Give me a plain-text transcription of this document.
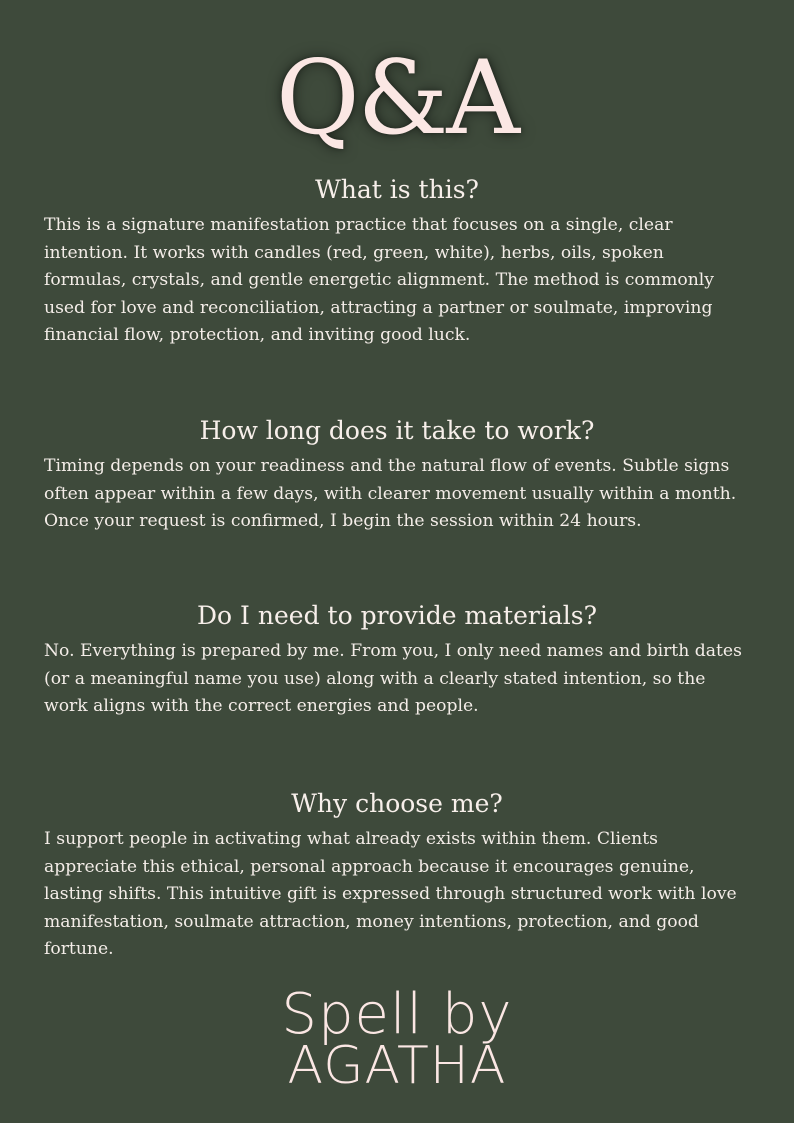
Q&A
What is this?
This is a signature manifestation practice that focuses on a single, clear intention. It works with candles (red, green, white), herbs, oils, spoken formulas, crystals, and gentle energetic alignment. The method is commonly used for love and reconciliation, attracting a partner or soulmate, improving financial flow, protection, and inviting good luck.
How long does it take to work?
Timing depends on your readiness and the natural flow of events. Subtle signs often appear within a few days, with clearer movement usually within a month. Once your request is confirmed, I begin the session within 24 hours.
Do I need to provide materials?
No. Everything is prepared by me. From you, I only need names and birth dates (or a meaningful name you use) along with a clearly stated intention, so the work aligns with the correct energies and people.
Why choose me?
I support people in activating what already exists within them. Clients appreciate this ethical, personal approach because it encourages genuine, lasting shifts. This intuitive gift is expressed through structured work with love manifestation, soulmate attraction, money intentions, protection, and good fortune.
Spell by
AGATHA
